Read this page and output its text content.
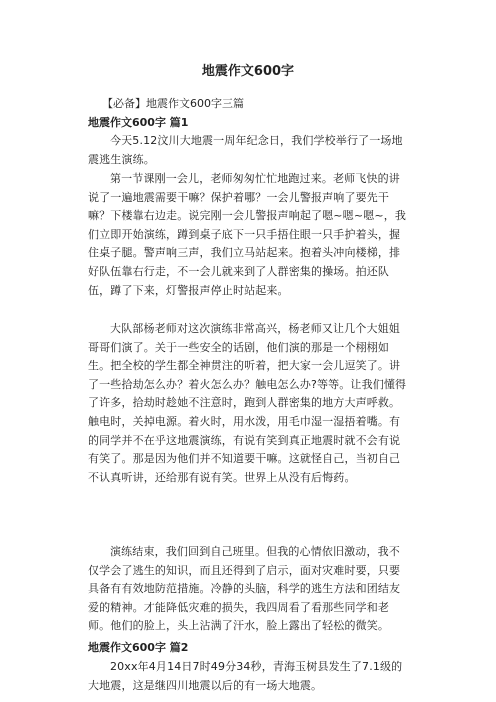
地震作文600字
【必备】地震作文600字三篇
地震作文600字 篇1
今天5.12汶川大地震一周年纪念日，我们学校举行了一场地震逃生演练。
第一节课刚一会儿，老师匆匆忙忙地跑过来。老师飞快的讲说了一遍地震需要干嘛？保护着哪？一会儿警报声响了要先干嘛？下楼靠右边走。说完刚一会儿警报声响起了嗯~嗯~嗯~，我们立即开始演练，蹲到桌子底下一只手捂住眼一只手护着头，握住桌子腿。警声响三声，我们立马站起来。抱着头冲向楼梯，排好队伍靠右行走，不一会儿就来到了人群密集的操场。拍还队伍，蹲了下来，灯警报声停止时站起来。
大队部杨老师对这次演练非常高兴，杨老师又让几个大姐姐哥哥们演了。关于一些安全的话剧，他们演的那是一个栩栩如生。把全校的学生都全神贯注的听着，把大家一会儿逗笑了。讲了一些拾劫怎么办？着火怎么办？触电怎么办?等等。让我们懂得了许多，拾劫时趁她不注意时，跑到人群密集的地方大声呼救。触电时，关掉电源。着火时，用水泼，用毛巾湿一湿捂着嘴。有的同学并不在乎这地震演练，有说有笑到真正地震时就不会有说有笑了。那是因为他们并不知道要干嘛。这就怪自己，当初自己不认真听讲，还给那有说有笑。世界上从没有后悔药。
演练结束，我们回到自己班里。但我的心情依旧激动，我不仅学会了逃生的知识，而且还得到了启示，面对灾难时要，只要具备有有效地防范措施。冷静的头脑，科学的逃生方法和团结友爱的精神。才能降低灾难的损失，我四周看了看那些同学和老师。他们的脸上，头上沾满了汗水，脸上露出了轻松的微笑。
地震作文600字 篇2
20xx年4月14日7时49分34秒，青海玉树县发生了7.1级的大地震，这是继四川地震以后的有一场大地震。
